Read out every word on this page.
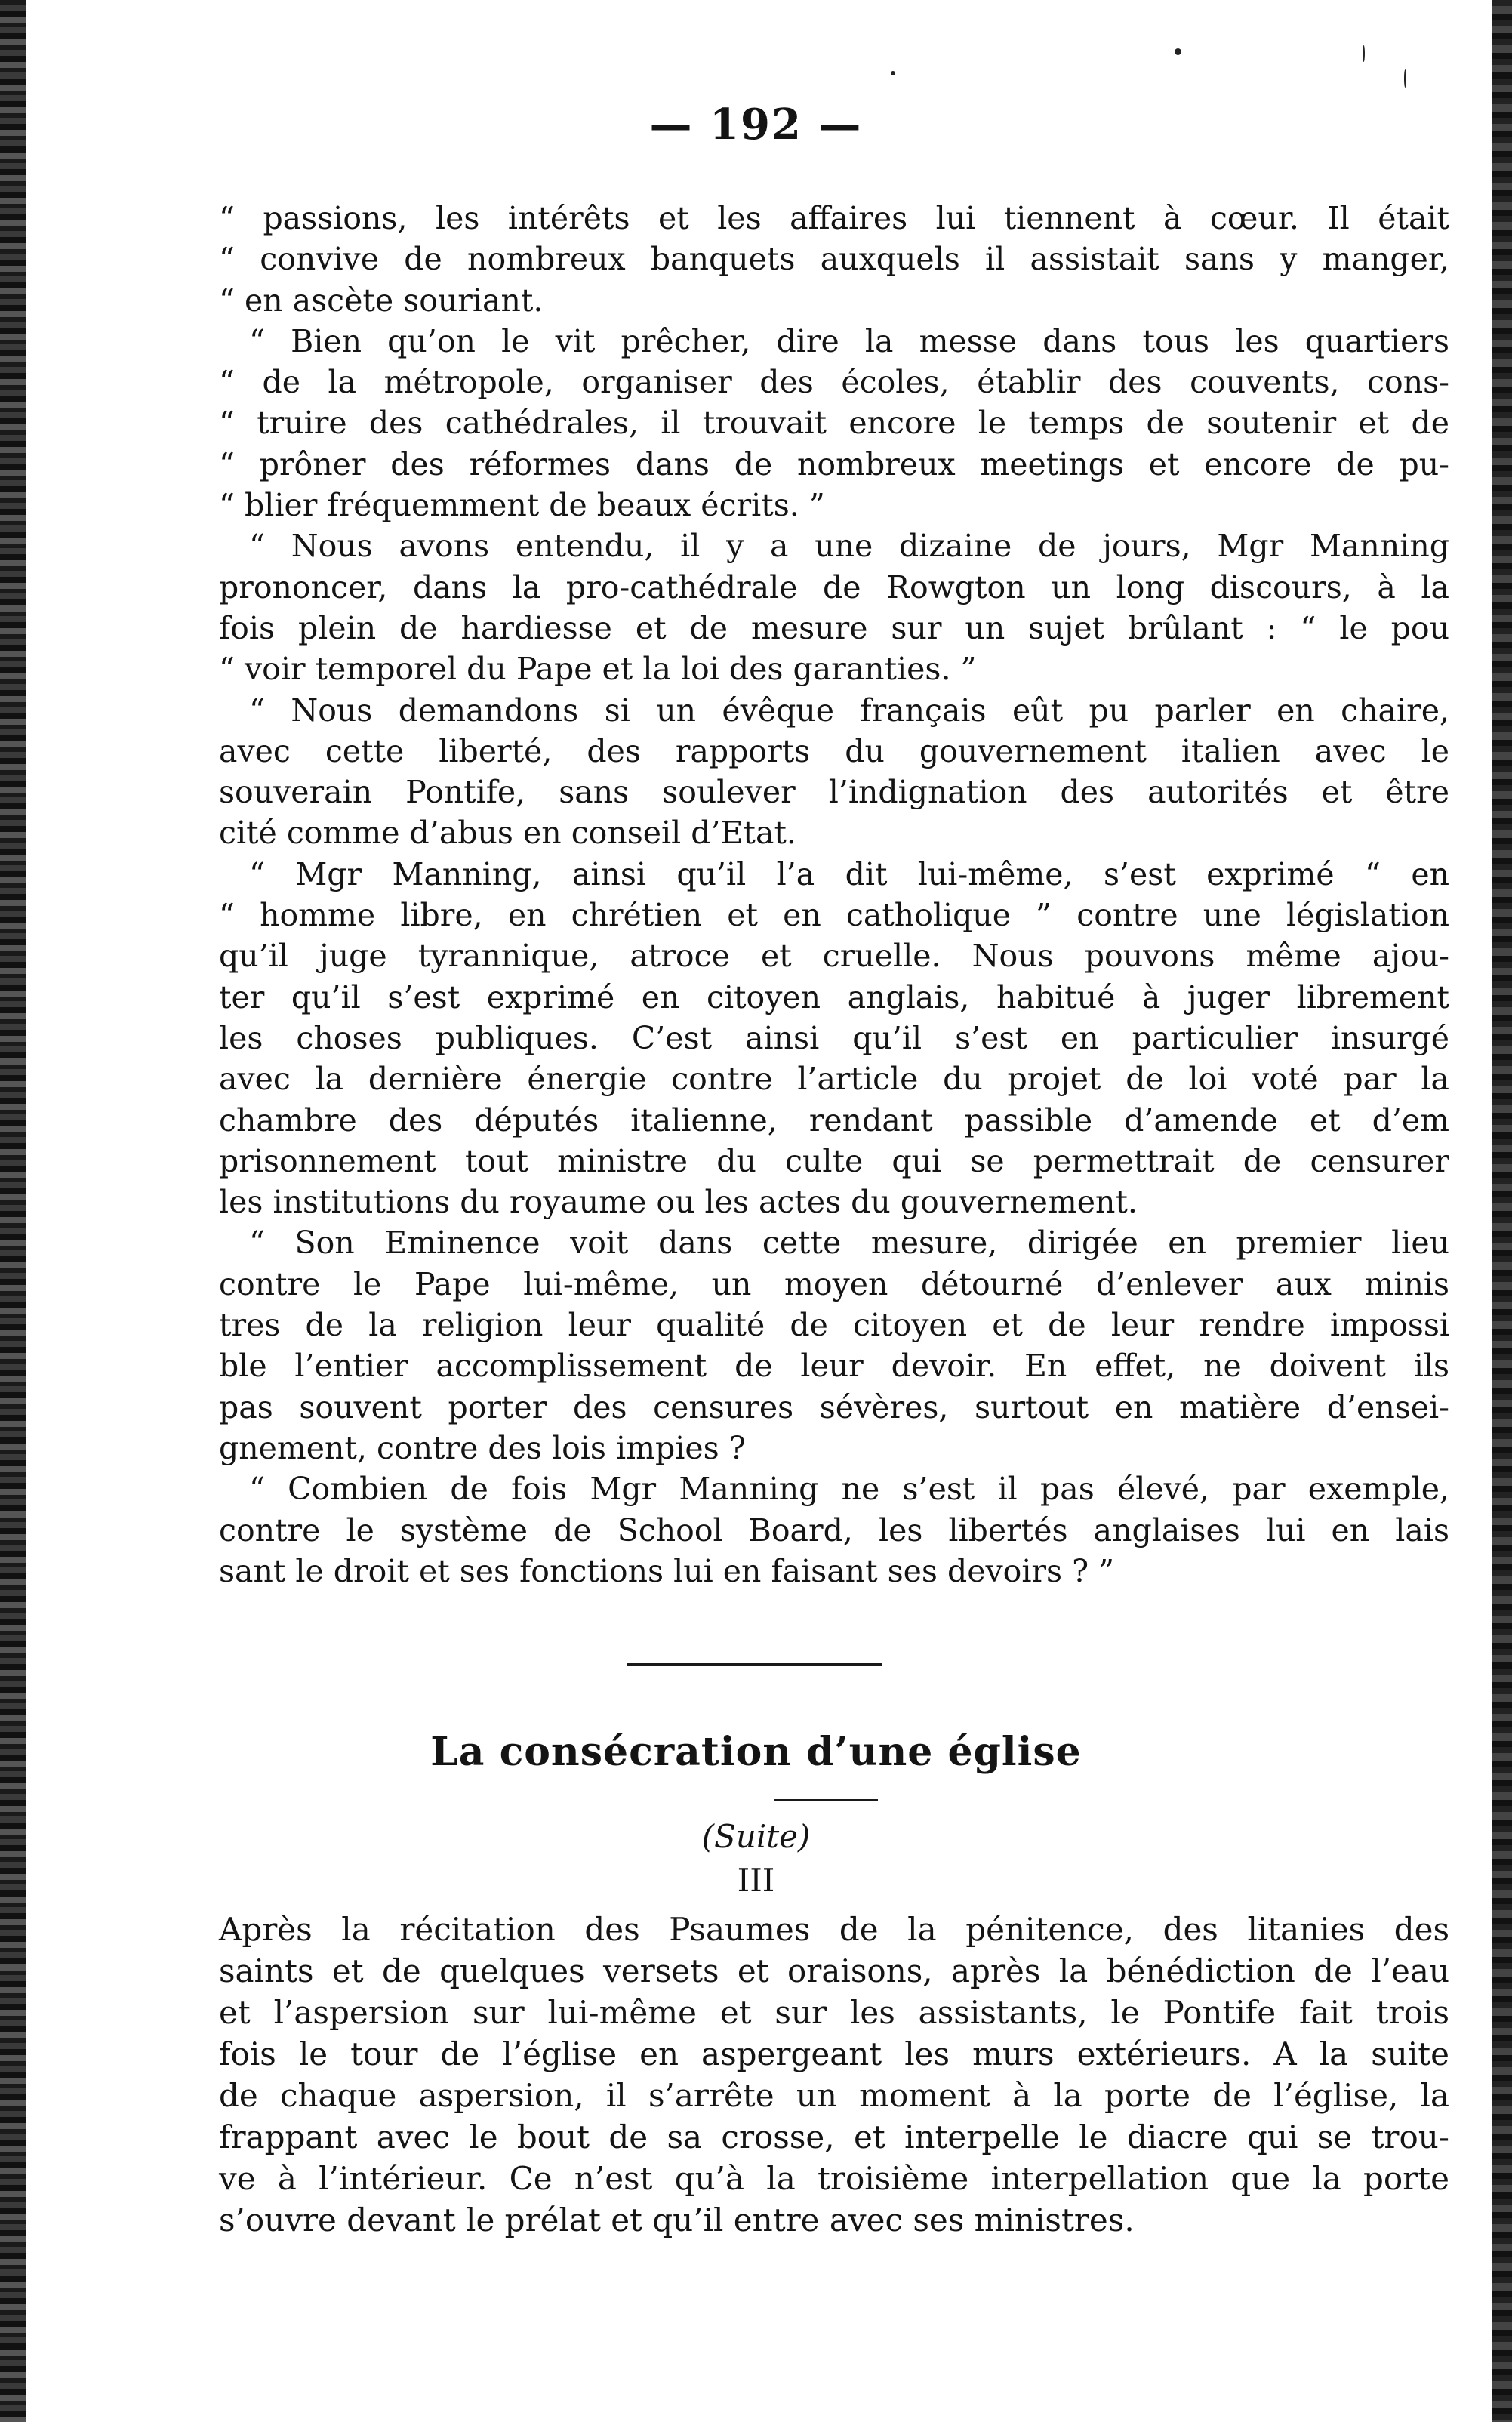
— 192 —

“ passions, les intérêts et les affaires lui tiennent à cœur. Il était

“ convive de nombreux banquets auxquels il assistait sans y manger,

“ en ascète souriant.

“ Bien qu’on le vit prêcher, dire la messe dans tous les quartiers

“ de la métropole, organiser des écoles, établir des couvents, cons-

“ truire des cathédrales, il trouvait encore le temps de soutenir et de

“ prôner des réformes dans de nombreux meetings et encore de pu-

“ blier fréquemment de beaux écrits. ”

“ Nous avons entendu, il y a une dizaine de jours, Mgr Manning

prononcer, dans la pro-cathédrale de Rowgton un long discours, à la

fois plein de hardiesse et de mesure sur un sujet brûlant : “ le pou

“ voir temporel du Pape et la loi des garanties. ”

“ Nous demandons si un évêque français eût pu parler en chaire,

avec cette liberté, des rapports du gouvernement italien avec le

souverain Pontife, sans soulever l’indignation des autorités et être

cité comme d’abus en conseil d’Etat.

“ Mgr Manning, ainsi qu’il l’a dit lui-même, s’est exprimé “ en

“ homme libre, en chrétien et en catholique ” contre une législation

qu’il juge tyrannique, atroce et cruelle. Nous pouvons même ajou-

ter qu’il s’est exprimé en citoyen anglais, habitué à juger librement

les choses publiques. C’est ainsi qu’il s’est en particulier insurgé

avec la dernière énergie contre l’article du projet de loi voté par la

chambre des députés italienne, rendant passible d’amende et d’em

prisonnement tout ministre du culte qui se permettrait de censurer

les institutions du royaume ou les actes du gouvernement.

“ Son Eminence voit dans cette mesure, dirigée en premier lieu

contre le Pape lui-même, un moyen détourné d’enlever aux minis

tres de la religion leur qualité de citoyen et de leur rendre impossi

ble l’entier accomplissement de leur devoir. En effet, ne doivent ils

pas souvent porter des censures sévères, surtout en matière d’ensei-

gnement, contre des lois impies ?

“ Combien de fois Mgr Manning ne s’est il pas élevé, par exemple,

contre le système de School Board, les libertés anglaises lui en lais

sant le droit et ses fonctions lui en faisant ses devoirs ? ”

La consécration d’une église
(Suite)
III

Après la récitation des Psaumes de la pénitence, des litanies des

saints et de quelques versets et oraisons, après la bénédiction de l’eau

et l’aspersion sur lui-même et sur les assistants, le Pontife fait trois

fois le tour de l’église en aspergeant les murs extérieurs. A la suite

de chaque aspersion, il s’arrête un moment à la porte de l’église, la

frappant avec le bout de sa crosse, et interpelle le diacre qui se trou-

ve à l’intérieur. Ce n’est qu’à la troisième interpellation que la porte

s’ouvre devant le prélat et qu’il entre avec ses ministres.
